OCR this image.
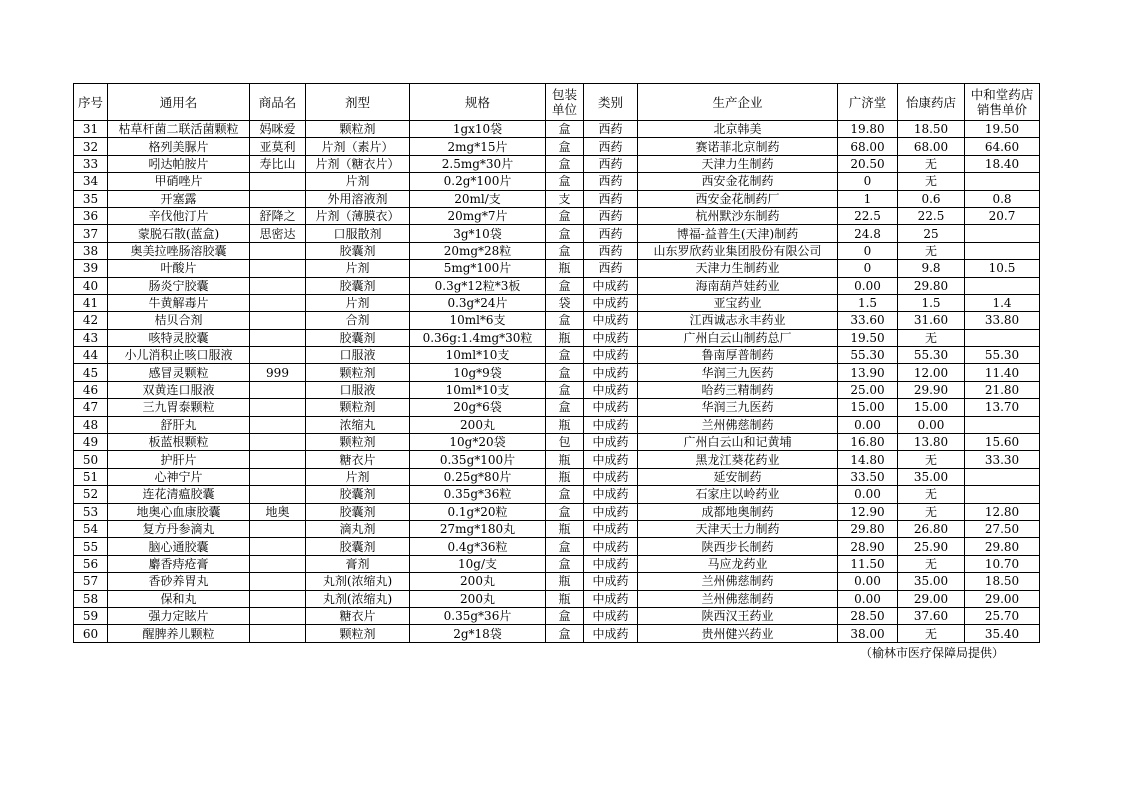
序号	通用名	商品名	剂型	规格	包装单位	类别	生产企业	广济堂	怡康药店	中和堂药店销售单价
31	枯草杆菌二联活菌颗粒	妈咪爱	颗粒剂	1gx10袋	盒	西药	北京韩美	19.80	18.50	19.50
32	格列美脲片	亚莫利	片剂（素片）	2mg*15片	盒	西药	赛诺菲北京制药	68.00	68.00	64.60
33	吲达帕胺片	寿比山	片剂（糖衣片）	2.5mg*30片	盒	西药	天津力生制药	20.50	无	18.40
34	甲硝唑片		片剂	0.2g*100片	盒	西药	西安金花制药	0	无	
35	开塞露		外用溶液剂	20ml/支	支	西药	西安金花制药厂	1	0.6	0.8
36	辛伐他汀片	舒降之	片剂（薄膜衣）	20mg*7片	盒	西药	杭州默沙东制药	22.5	22.5	20.7
37	蒙脱石散(蓝盒)	思密达	口服散剂	3g*10袋	盒	西药	博福-益普生(天津)制药	24.8	25	
38	奥美拉唑肠溶胶囊		胶囊剂	20mg*28粒	盒	西药	山东罗欣药业集团股份有限公司	0	无	
39	叶酸片		片剂	5mg*100片	瓶	西药	天津力生制药业	0	9.8	10.5
40	肠炎宁胶囊		胶囊剂	0.3g*12粒*3板	盒	中成药	海南葫芦娃药业	0.00	29.80	
41	牛黄解毒片		片剂	0.3g*24片	袋	中成药	亚宝药业	1.5	1.5	1.4
42	桔贝合剂		合剂	10ml*6支	盒	中成药	江西诚志永丰药业	33.60	31.60	33.80
43	咳特灵胶囊		胶囊剂	0.36g:1.4mg*30粒	瓶	中成药	广州白云山制药总厂	19.50	无	
44	小儿消积止咳口服液		口服液	10ml*10支	盒	中成药	鲁南厚普制药	55.30	55.30	55.30
45	感冒灵颗粒	999	颗粒剂	10g*9袋	盒	中成药	华润三九医药	13.90	12.00	11.40
46	双黄连口服液		口服液	10ml*10支	盒	中成药	哈药三精制药	25.00	29.90	21.80
47	三九胃泰颗粒		颗粒剂	20g*6袋	盒	中成药	华润三九医药	15.00	15.00	13.70
48	舒肝丸		浓缩丸	200丸	瓶	中成药	兰州佛慈制药	0.00	0.00	
49	板蓝根颗粒		颗粒剂	10g*20袋	包	中成药	广州白云山和记黄埔	16.80	13.80	15.60
50	护肝片		糖衣片	0.35g*100片	瓶	中成药	黑龙江葵花药业	14.80	无	33.30
51	心神宁片		片剂	0.25g*80片	瓶	中成药	延安制药	33.50	35.00	
52	连花清瘟胶囊		胶囊剂	0.35g*36粒	盒	中成药	石家庄以岭药业	0.00	无	
53	地奥心血康胶囊	地奥	胶囊剂	0.1g*20粒	盒	中成药	成都地奥制药	12.90	无	12.80
54	复方丹参滴丸		滴丸剂	27mg*180丸	瓶	中成药	天津天士力制药	29.80	26.80	27.50
55	脑心通胶囊		胶囊剂	0.4g*36粒	盒	中成药	陕西步长制药	28.90	25.90	29.80
56	麝香痔疮膏		膏剂	10g/支	盒	中成药	马应龙药业	11.50	无	10.70
57	香砂养胃丸		丸剂(浓缩丸)	200丸	瓶	中成药	兰州佛慈制药	0.00	35.00	18.50
58	保和丸		丸剂(浓缩丸)	200丸	瓶	中成药	兰州佛慈制药	0.00	29.00	29.00
59	强力定眩片		糖衣片	0.35g*36片	盒	中成药	陕西汉王药业	28.50	37.60	25.70
60	醒脾养儿颗粒		颗粒剂	2g*18袋	盒	中成药	贵州健兴药业	38.00	无	35.40
（榆林市医疗保障局提供）
